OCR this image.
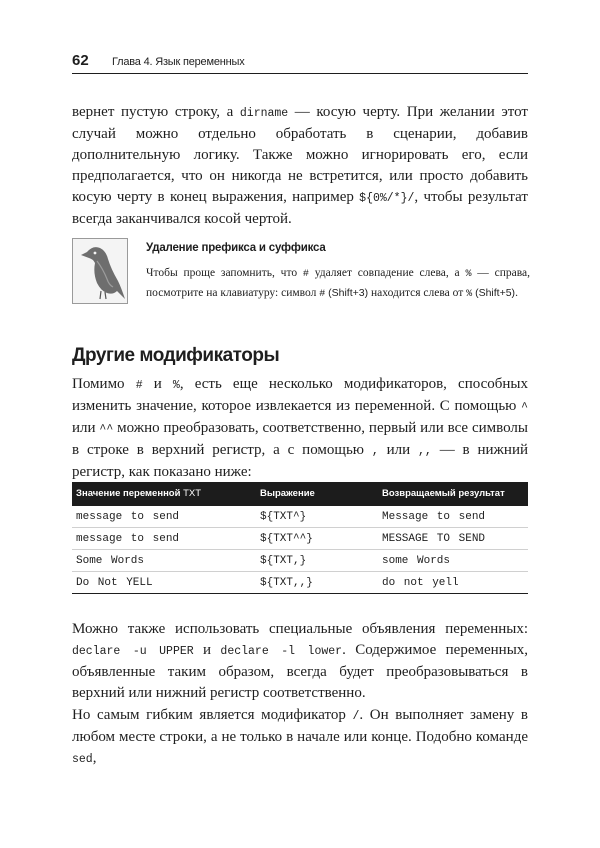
62 Глава 4. Язык переменных

вернет пустую строку, а dirname — косую черту. При желании этот случай можно отдельно обработать в сценарии, добавив дополнительную логику. Также можно игнорировать его, если предполагается, что он никогда не встретится, или просто добавить косую черту в конец выражения, например ${0%/*}/, чтобы результат всегда заканчивался косой чертой.

Удаление префикса и суффикса

Чтобы проще запомнить, что # удаляет совпадение слева, а % — справа, посмотрите на клавиатуру: символ # (Shift+3) находится слева от % (Shift+5).

Другие модификаторы

Помимо # и %, есть еще несколько модификаторов, способных изменить значение, которое извлекается из переменной. С помощью ^ или ^^ можно преобразовать, соответственно, первый или все символы в строке в верхний регистр, а с помощью , или ,, — в нижний регистр, как показано ниже:

Значение переменной TXT	Выражение	Возвращаемый результат
message to send	${TXT^}	Message to send
message to send	${TXT^^}	MESSAGE TO SEND
Some Words	${TXT,}	some Words
Do Not YELL	${TXT,,}	do not yell

Можно также использовать специальные объявления переменных: declare -u UPPER и declare -l lower. Содержимое переменных, объявленные таким образом, всегда будет преобразовываться в верхний или нижний регистр соответственно.

Но самым гибким является модификатор /. Он выполняет замену в любом месте строки, а не только в начале или конце. Подобно команде sed,
